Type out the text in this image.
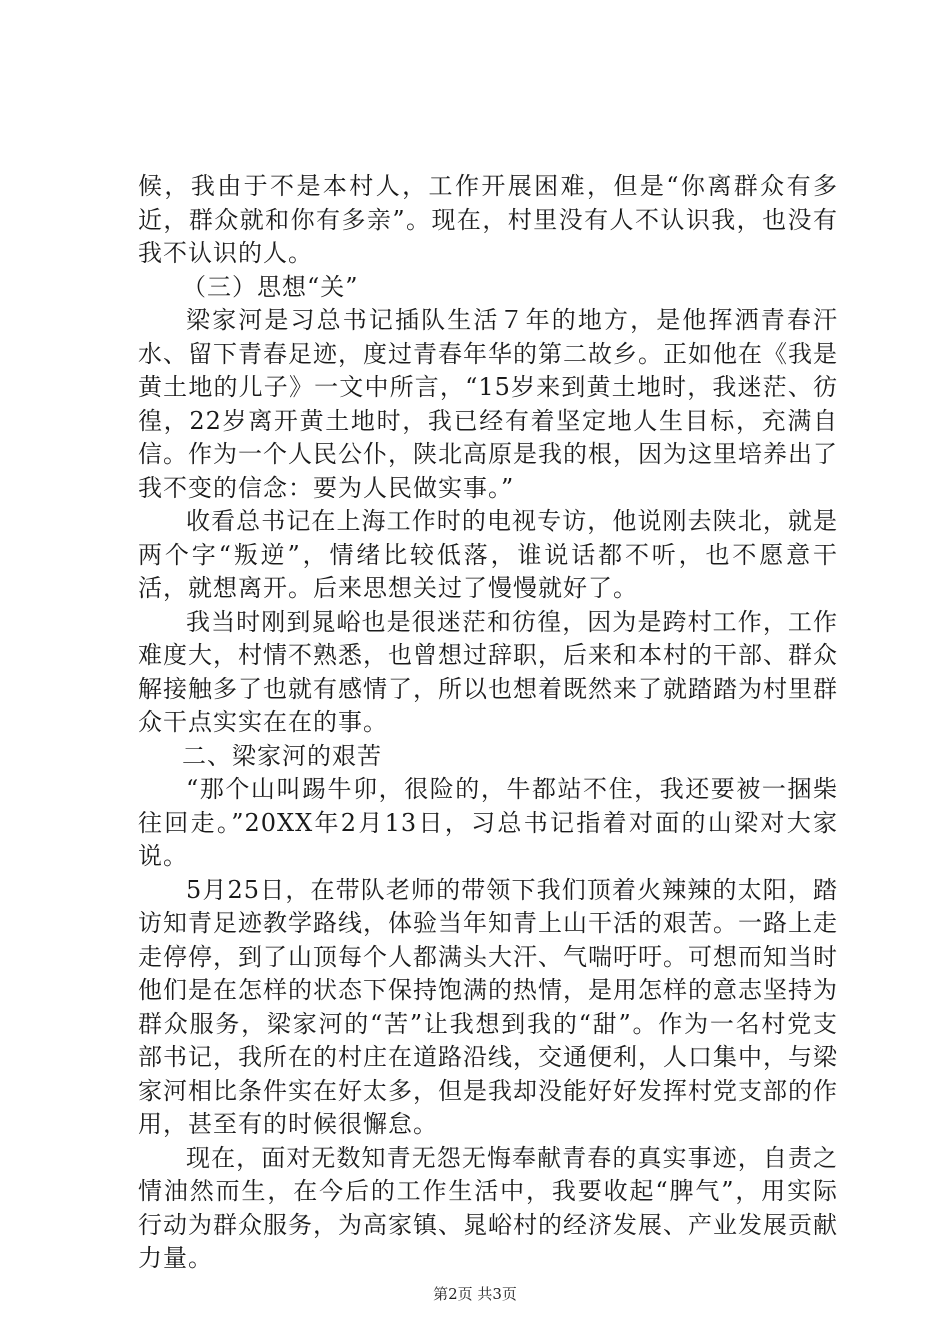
候，我由于不是本村人，工作开展困难，但是“你离群众有多近，群众就和你有多亲”。现在，村里没有人不认识我，也没有我不认识的人。

（三）思想“关”

梁家河是习总书记插队生活７年的地方，是他挥洒青春汗水、留下青春足迹，度过青春年华的第二故乡。正如他在《我是黄土地的儿子》一文中所言，“15岁来到黄土地时，我迷茫、彷徨，22岁离开黄土地时，我已经有着坚定地人生目标，充满自信。作为一个人民公仆，陕北高原是我的根，因为这里培养出了我不变的信念：要为人民做实事。”

收看总书记在上海工作时的电视专访，他说刚去陕北，就是两个字“叛逆”，情绪比较低落，谁说话都不听，也不愿意干活，就想离开。后来思想关过了慢慢就好了。

我当时刚到晁峪也是很迷茫和彷徨，因为是跨村工作，工作难度大，村情不熟悉，也曾想过辞职，后来和本村的干部、群众解接触多了也就有感情了，所以也想着既然来了就踏踏为村里群众干点实实在在的事。

二、梁家河的艰苦

“那个山叫踢牛卯，很险的，牛都站不住，我还要被一捆柴往回走。”20XX年2月13日，习总书记指着对面的山梁对大家说。

5月25日，在带队老师的带领下我们顶着火辣辣的太阳，踏访知青足迹教学路线，体验当年知青上山干活的艰苦。一路上走走停停，到了山顶每个人都满头大汗、气喘吁吁。可想而知当时他们是在怎样的状态下保持饱满的热情，是用怎样的意志坚持为群众服务，梁家河的“苦”让我想到我的“甜”。作为一名村党支部书记，我所在的村庄在道路沿线，交通便利，人口集中，与梁家河相比条件实在好太多，但是我却没能好好发挥村党支部的作用，甚至有的时候很懈怠。

现在，面对无数知青无怨无悔奉献青春的真实事迹，自责之情油然而生，在今后的工作生活中，我要收起“脾气”，用实际行动为群众服务，为高家镇、晁峪村的经济发展、产业发展贡献力量。

第2页 共3页
